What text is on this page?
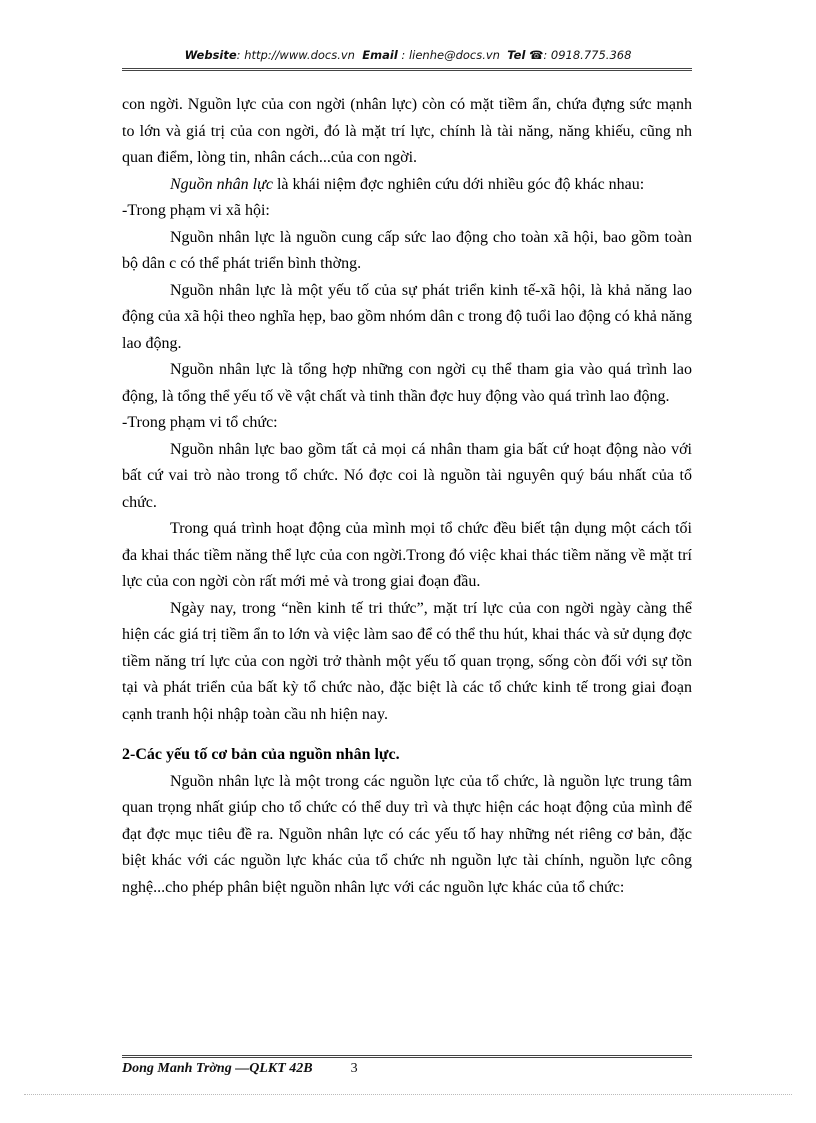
Website: http://www.docs.vn Email : lienhe@docs.vn Tel ☎: 0918.775.368

con ngời. Nguồn lực của con ngời (nhân lực) còn có mặt tiềm ẩn, chứa đựng sức mạnh to lớn và giá trị của con ngời, đó là mặt trí lực, chính là tài năng, năng khiếu, cũng nh quan điểm, lòng tin, nhân cách...của con ngời.

Nguồn nhân lực là khái niệm đợc nghiên cứu dới nhiều góc độ khác nhau:

-Trong phạm vi xã hội:

Nguồn nhân lực là nguồn cung cấp sức lao động cho toàn xã hội, bao gồm toàn bộ dân c có thể phát triển bình thờng.

Nguồn nhân lực là một yếu tố của sự phát triển kinh tế-xã hội, là khả năng lao động của xã hội theo nghĩa hẹp, bao gồm nhóm dân c trong độ tuổi lao động có khả năng lao động.

Nguồn nhân lực là tổng hợp những con ngời cụ thể tham gia vào quá trình lao động, là tổng thể yếu tố về vật chất và tinh thần đợc huy động vào quá trình lao động.

-Trong phạm vi tổ chức:

Nguồn nhân lực bao gồm tất cả mọi cá nhân tham gia bất cứ hoạt động nào với bất cứ vai trò nào trong tổ chức. Nó đợc coi là nguồn tài nguyên quý báu nhất của tổ chức.

Trong quá trình hoạt động của mình mọi tổ chức đều biết tận dụng một cách tối đa khai thác tiềm năng thể lực của con ngời.Trong đó việc khai thác tiềm năng về mặt trí lực của con ngời còn rất mới mẻ và trong giai đoạn đầu.

Ngày nay, trong “nền kinh tế tri thức”, mặt trí lực của con ngời ngày càng thể hiện các giá trị tiềm ẩn to lớn và việc làm sao để có thể thu hút, khai thác và sử dụng đợc tiềm năng trí lực của con ngời trở thành một yếu tố quan trọng, sống còn đối với sự tồn tại và phát triển của bất kỳ tổ chức nào, đặc biệt là các tổ chức kinh tế trong giai đoạn cạnh tranh hội nhập toàn cầu nh hiện nay.

2-Các yếu tố cơ bản của nguồn nhân lực.

Nguồn nhân lực là một trong các nguồn lực của tổ chức, là nguồn lực trung tâm quan trọng nhất giúp cho tổ chức có thể duy trì và thực hiện các hoạt động của mình để đạt đợc mục tiêu đề ra. Nguồn nhân lực có các yếu tố hay những nét riêng cơ bản, đặc biệt khác với các nguồn lực khác của tổ chức nh nguồn lực tài chính, nguồn lực công nghệ...cho phép phân biệt nguồn nhân lực với các nguồn lực khác của tổ chức:

Dong Manh Trờng —QLKT 42B	3
